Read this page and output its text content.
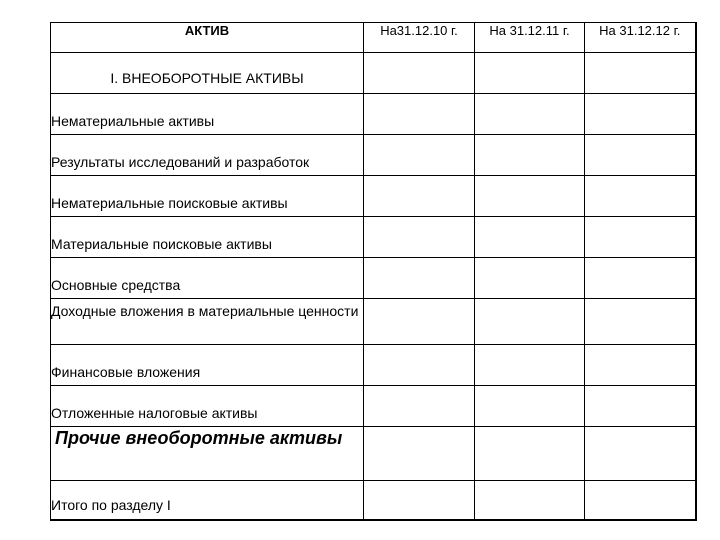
АКТИВ	На31.12.10 г.	На 31.12.11 г.	На 31.12.12 г.
I. ВНЕОБОРОТНЫЕ АКТИВЫ			

Нематериальные активы			

Результаты исследований и разработок			

Нематериальные поисковые активы			

Материальные поисковые активы			

Основные средства			

Доходные вложения в материальные ценности			

Финансовые вложения			

Отложенные налоговые активы			

Прочие внеоборотные активы			

Итого по разделу I			
